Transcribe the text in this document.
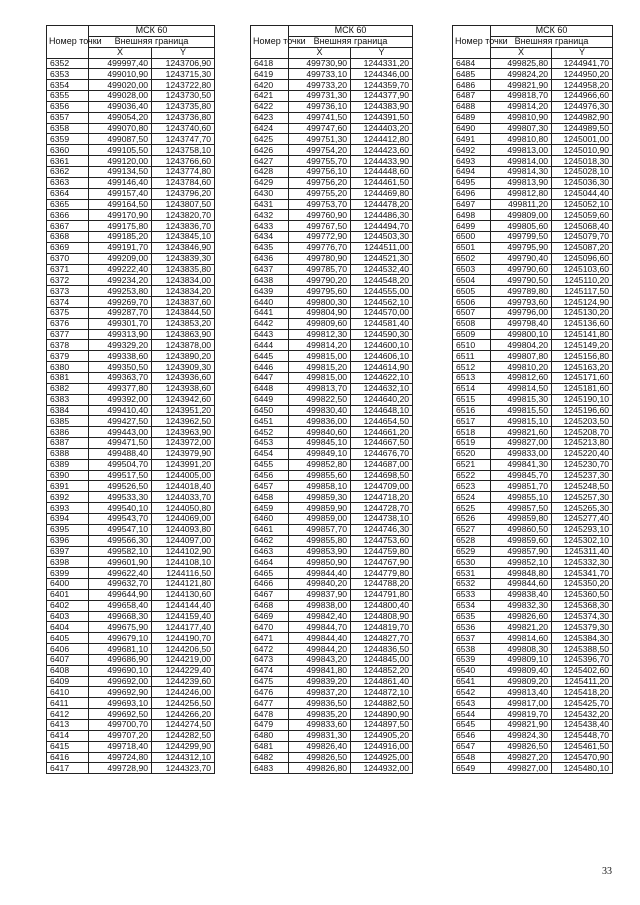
Номер точки	МСК 60	
	Внешняя граница	
	X	Y
6352	499997,40	1243706,90
6353	499010,90	1243715,30
6354	499020,00	1243722,80
6355	499028,00	1243730,50
6356	499036,40	1243735,80
6357	499054,20	1243736,80
6358	499070,80	1243740,60
6359	499087,50	1243747,70
6360	499105,50	1243758,10
6361	499120,00	1243766,60
6362	499134,50	1243774,80
6363	499146,40	1243784,60
6364	499157,40	1243796,20
6365	499164,50	1243807,50
6366	499170,90	1243820,70
6367	499175,80	1243836,70
6368	499185,20	1243845,10
6369	499191,70	1243846,90
6370	499209,00	1243839,30
6371	499222,40	1243835,80
6372	499234,20	1243834,00
6373	499253,80	1243834,20
6374	499269,70	1243837,60
6375	499287,70	1243844,50
6376	499301,70	1243853,20
6377	499313,90	1243863,90
6378	499329,20	1243878,00
6379	499338,60	1243890,20
6380	499350,50	1243909,30
6381	499363,70	1243936,60
6382	499377,80	1243938,60
6383	499392,00	1243942,60
6384	499410,40	1243951,20
6385	499427,50	1243962,50
6386	499443,00	1243963,90
6387	499471,50	1243972,00
6388	499488,40	1243979,90
6389	499504,70	1243991,20
6390	499517,50	1244005,00
6391	499526,50	1244018,40
6392	499533,30	1244033,70
6393	499540,10	1244050,80
6394	499543,70	1244069,00
6395	499547,10	1244093,80
6396	499566,30	1244097,00
6397	499582,10	1244102,90
6398	499601,90	1244108,10
6399	499622,40	1244116,50
6400	499632,70	1244121,80
6401	499644,90	1244130,60
6402	499658,40	1244144,40
6403	499668,30	1244159,40
6404	499675,90	1244177,40
6405	499679,10	1244190,70
6406	499681,10	1244206,50
6407	499686,90	1244219,00
6408	499690,10	1244229,40
6409	499692,00	1244239,60
6410	499692,90	1244246,00
6411	499693,10	1244256,50
6412	499692,50	1244266,20
6413	499700,70	1244274,50
6414	499707,20	1244282,50
6415	499718,40	1244299,90
6416	499724,80	1244312,10
6417	499728,90	1244323,70
Номер точки	МСК 60	
	Внешняя граница	
	X	Y
6418	499730,90	1244331,20
6419	499733,10	1244346,00
6420	499733,20	1244359,70
6421	499731,30	1244377,90
6422	499736,10	1244383,90
6423	499741,50	1244391,50
6424	499747,60	1244403,20
6425	499751,30	1244412,80
6426	499754,20	1244423,60
6427	499755,70	1244433,90
6428	499756,10	1244448,60
6429	499756,20	1244461,50
6430	499755,20	1244469,80
6431	499753,70	1244478,20
6432	499760,90	1244486,30
6433	499767,50	1244494,70
6434	499772,90	1244503,30
6435	499776,70	1244511,00
6436	499780,90	1244521,30
6437	499785,70	1244532,40
6438	499790,20	1244548,20
6439	499795,60	1244555,00
6440	499800,30	1244562,10
6441	499804,90	1244570,00
6442	499809,60	1244581,40
6443	499812,30	1244590,30
6444	499814,20	1244600,10
6445	499815,00	1244606,10
6446	499815,20	1244614,90
6447	499815,00	1244622,10
6448	499813,70	1244632,10
6449	499822,50	1244640,20
6450	499830,40	1244648,10
6451	499836,00	1244654,50
6452	499840,60	1244661,20
6453	499845,10	1244667,50
6454	499849,10	1244676,70
6455	499852,80	1244687,00
6456	499855,60	1244698,50
6457	499858,10	1244709,00
6458	499859,30	1244718,20
6459	499859,90	1244728,70
6460	499859,00	1244738,10
6461	499857,70	1244746,30
6462	499855,80	1244753,60
6463	499853,90	1244759,80
6464	499850,90	1244767,90
6465	499844,40	1244779,80
6466	499840,20	1244788,20
6467	499837,90	1244791,80
6468	499838,00	1244800,40
6469	499842,40	1244808,90
6470	499844,70	1244819,70
6471	499844,40	1244827,70
6472	499844,20	1244836,50
6473	499843,20	1244845,00
6474	499841,80	1244852,20
6475	499839,20	1244861,40
6476	499837,20	1244872,10
6477	499836,50	1244882,50
6478	499835,20	1244890,90
6479	499833,60	1244897,50
6480	499831,30	1244905,20
6481	499826,40	1244916,00
6482	499826,50	1244925,00
6483	499826,80	1244932,00
Номер точки	МСК 60	
	Внешняя граница	
	X	Y
6484	499825,80	1244941,70
6485	499824,20	1244950,20
6486	499821,90	1244958,20
6487	499818,70	1244966,60
6488	499814,20	1244976,30
6489	499810,90	1244982,90
6490	499807,30	1244989,50
6491	499810,80	1245001,00
6492	499813,00	1245010,90
6493	499814,00	1245018,30
6494	499814,30	1245028,10
6495	499813,90	1245036,30
6496	499812,80	1245044,40
6497	499811,20	1245052,10
6498	499809,00	1245059,60
6499	499805,60	1245068,40
6500	499799,50	1245079,70
6501	499795,90	1245087,20
6502	499790,40	1245096,60
6503	499790,60	1245103,60
6504	499790,50	1245110,20
6505	499789,80	1245117,50
6506	499793,60	1245124,90
6507	499796,00	1245130,20
6508	499798,40	1245136,60
6509	499800,10	1245141,80
6510	499804,20	1245149,20
6511	499807,80	1245156,80
6512	499810,20	1245163,20
6513	499812,60	1245171,60
6514	499814,50	1245181,60
6515	499815,30	1245190,10
6516	499815,50	1245196,60
6517	499815,10	1245203,50
6518	499821,60	1245208,70
6519	499827,00	1245213,80
6520	499833,00	1245220,40
6521	499841,30	1245230,70
6522	499845,70	1245237,30
6523	499851,70	1245248,50
6524	499855,10	1245257,30
6525	499857,50	1245265,30
6526	499859,80	1245277,40
6527	499860,50	1245293,10
6528	499859,60	1245302,10
6529	499857,90	1245311,40
6530	499852,10	1245332,30
6531	499848,80	1245341,70
6532	499844,60	1245350,20
6533	499838,40	1245360,50
6534	499832,30	1245368,30
6535	499826,60	1245374,30
6536	499821,20	1245379,30
6537	499814,60	1245384,30
6538	499808,30	1245388,50
6539	499809,10	1245396,70
6540	499809,40	1245402,60
6541	499809,20	1245411,20
6542	499813,40	1245418,20
6543	499817,00	1245425,70
6544	499819,70	1245432,20
6545	499821,90	1245438,40
6546	499824,30	1245448,70
6547	499826,50	1245461,50
6548	499827,20	1245470,90
6549	499827,00	1245480,10
33
